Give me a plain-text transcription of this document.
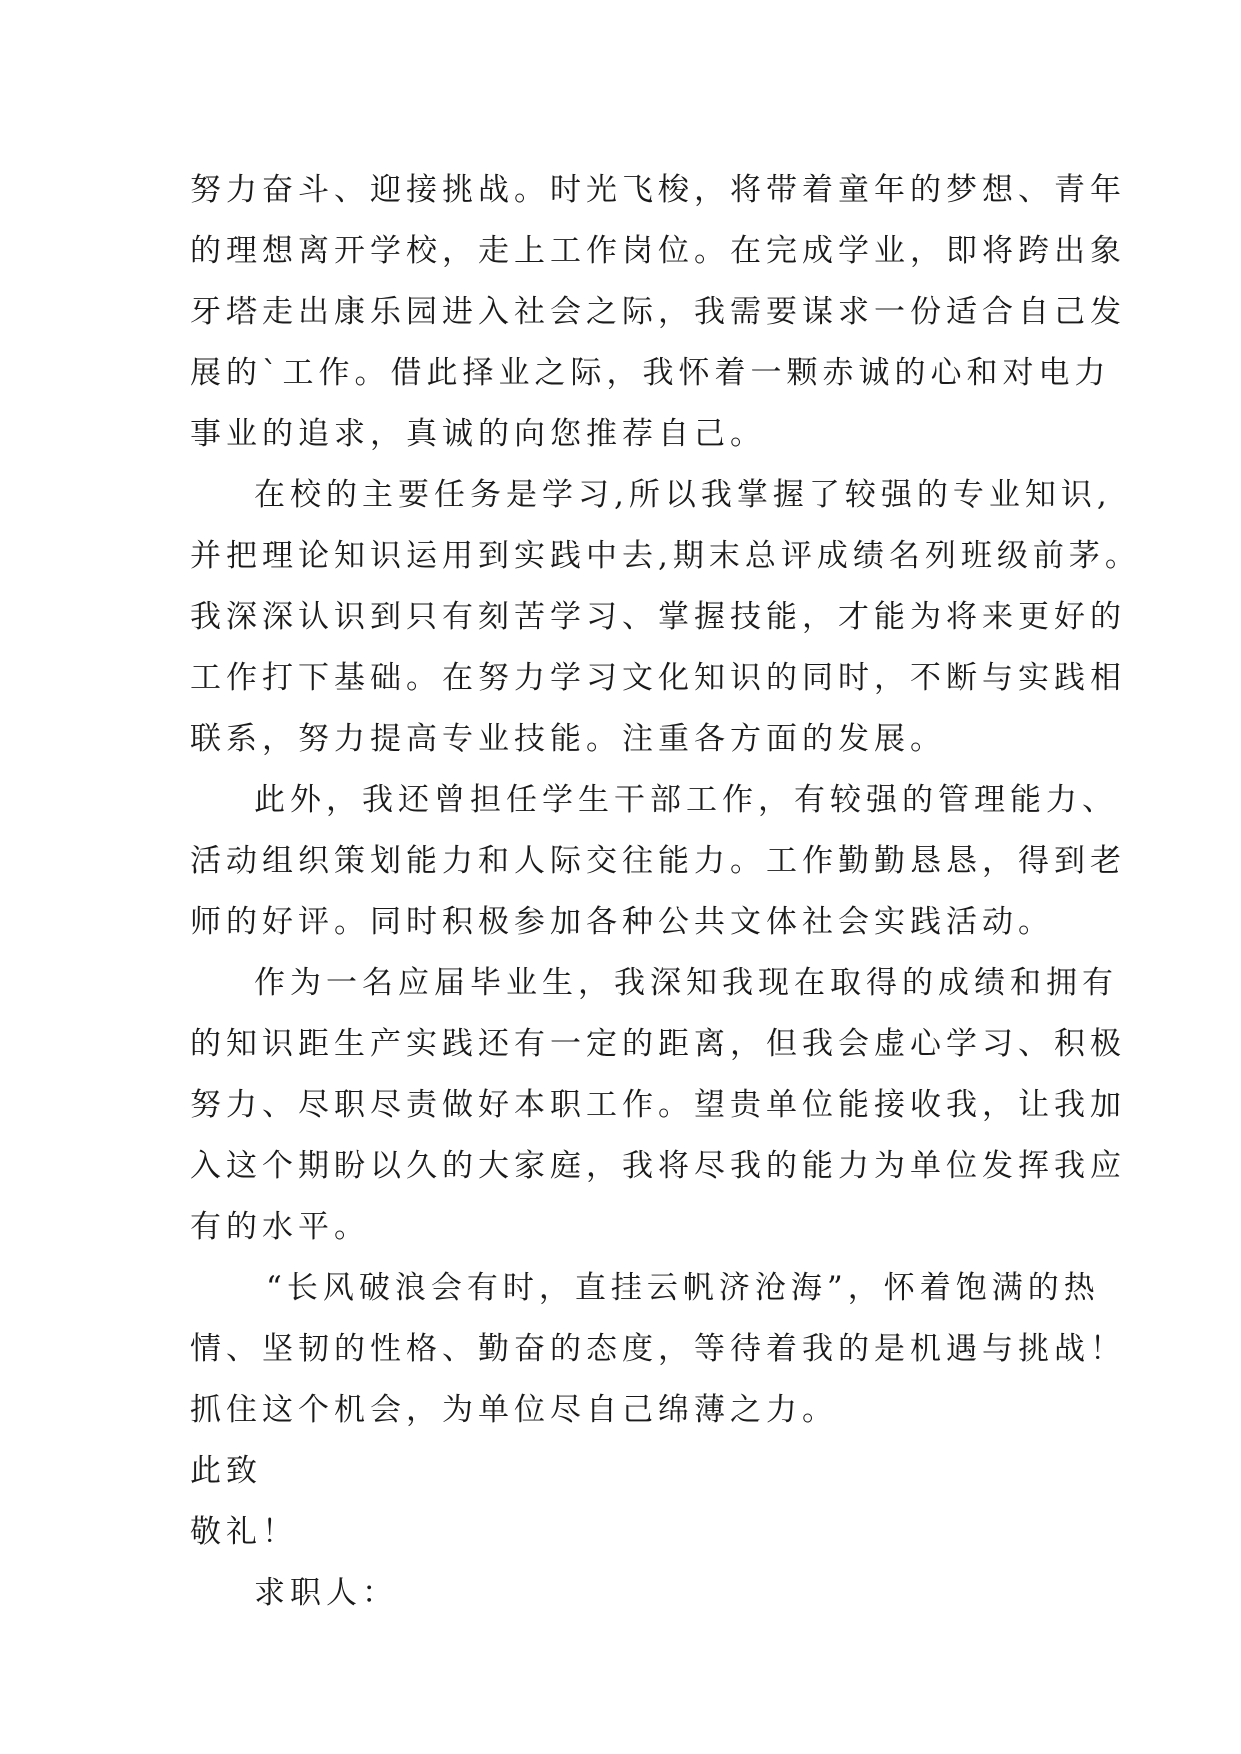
努力奋斗、迎接挑战。时光飞梭，将带着童年的梦想、青年
的理想离开学校，走上工作岗位。在完成学业，即将跨出象
牙塔走出康乐园进入社会之际，我需要谋求一份适合自己发
展的`工作。借此择业之际，我怀着一颗赤诚的心和对电力
事业的追求，真诚的向您推荐自己。
在校的主要任务是学习,所以我掌握了较强的专业知识,
并把理论知识运用到实践中去,期末总评成绩名列班级前茅。
我深深认识到只有刻苦学习、掌握技能，才能为将来更好的
工作打下基础。在努力学习文化知识的同时，不断与实践相
联系，努力提高专业技能。注重各方面的发展。
此外，我还曾担任学生干部工作，有较强的管理能力、
活动组织策划能力和人际交往能力。工作勤勤恳恳，得到老
师的好评。同时积极参加各种公共文体社会实践活动。
作为一名应届毕业生，我深知我现在取得的成绩和拥有
的知识距生产实践还有一定的距离，但我会虚心学习、积极
努力、尽职尽责做好本职工作。望贵单位能接收我，让我加
入这个期盼以久的大家庭，我将尽我的能力为单位发挥我应
有的水平。
“长风破浪会有时，直挂云帆济沧海”，怀着饱满的热
情、坚韧的性格、勤奋的态度，等待着我的是机遇与挑战！
抓住这个机会，为单位尽自己绵薄之力。
此致
敬礼！
求职人：
